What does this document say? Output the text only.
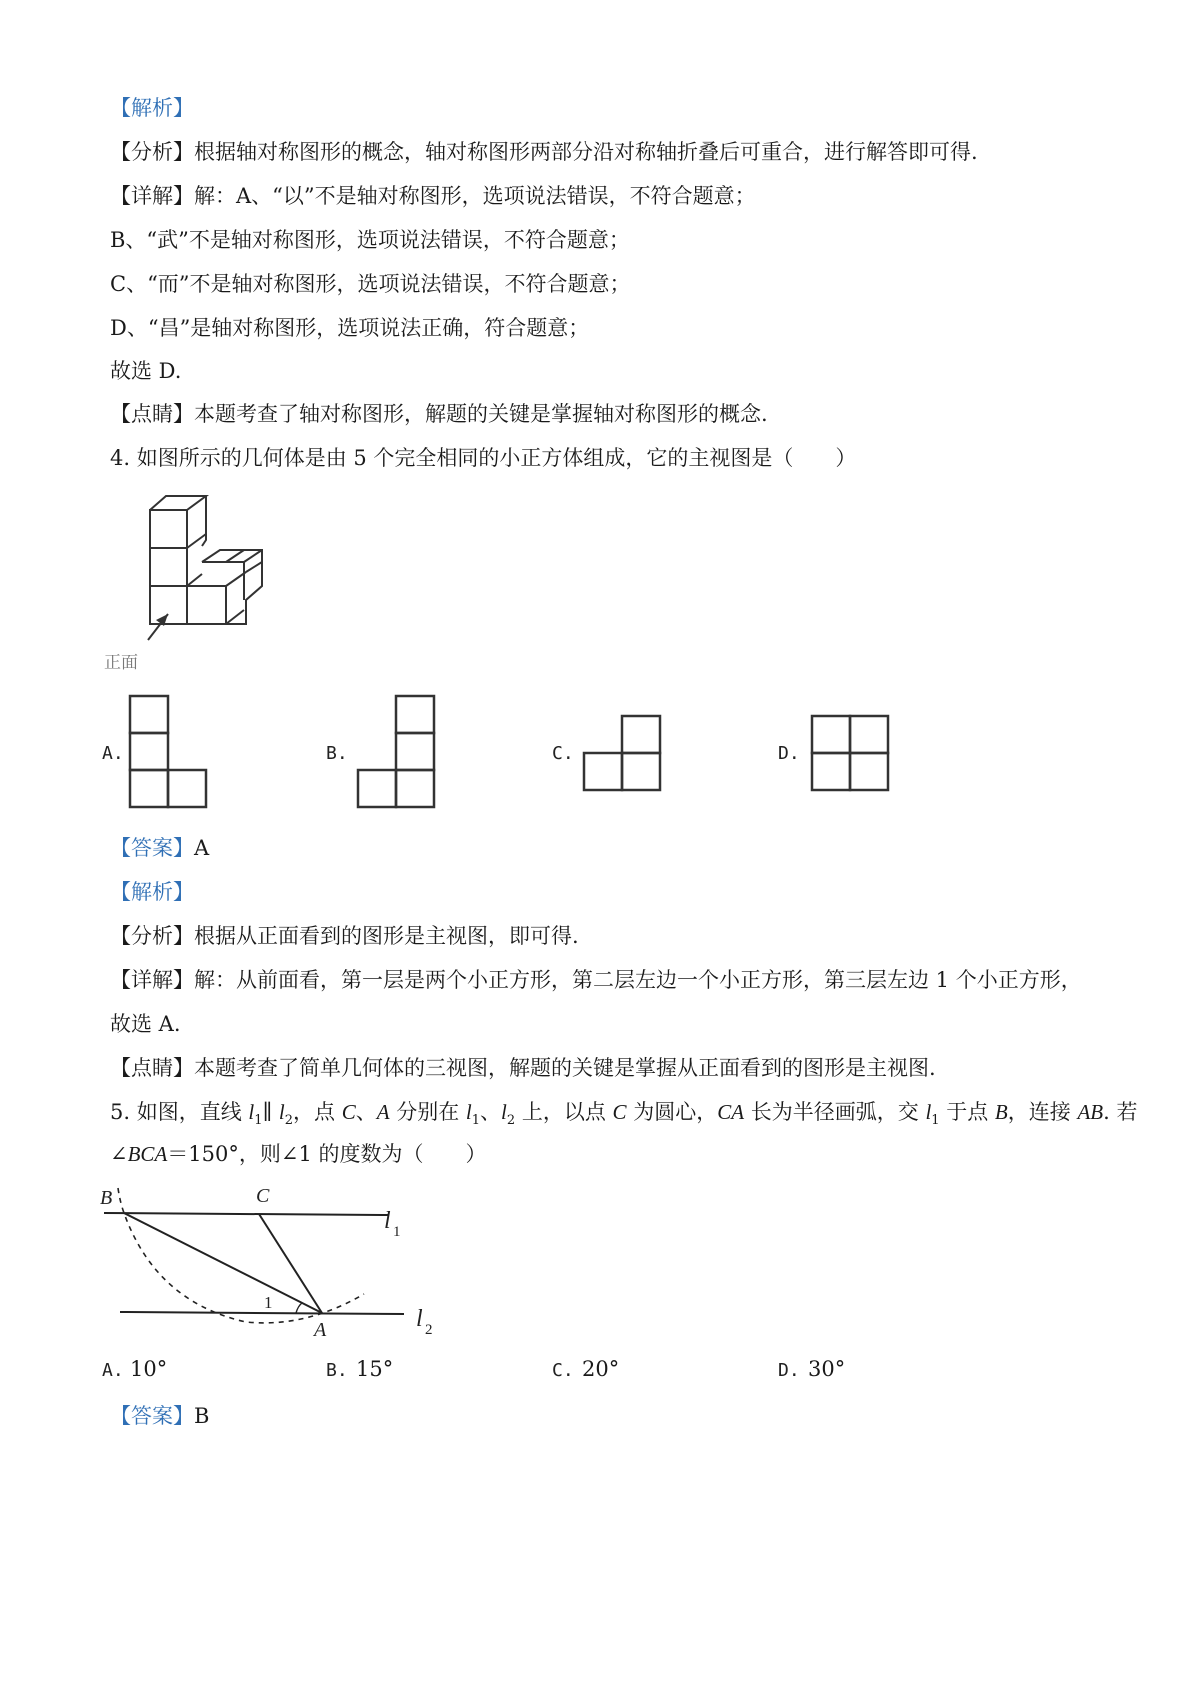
【解析】
【分析】根据轴对称图形的概念，轴对称图形两部分沿对称轴折叠后可重合，进行解答即可得.
【详解】解：A、“以”不是轴对称图形，选项说法错误，不符合题意；
B、“武”不是轴对称图形，选项说法错误，不符合题意；
C、“而”不是轴对称图形，选项说法错误，不符合题意；
D、“昌”是轴对称图形，选项说法正确，符合题意；
故选 D.
【点睛】本题考查了轴对称图形，解题的关键是掌握轴对称图形的概念.
4. 如图所示的几何体是由 5 个完全相同的小正方体组成，它的主视图是（　　）
正面
A.	B.	C.	D.
【答案】A
【解析】
【分析】根据从正面看到的图形是主视图，即可得.
【详解】解：从前面看，第一层是两个小正方形，第二层左边一个小正方形，第三层左边 1 个小正方形，
故选 A.
【点睛】本题考查了简单几何体的三视图，解题的关键是掌握从正面看到的图形是主视图.
5. 如图，直线 $l_1\parallel$ $l_2$，点 C、A 分别在 $l_1$、$l_2$ 上，以点 C 为圆心，CA 长为半径画弧，交 $l_1$ 于点 B，连接 AB. 若
∠BCA＝150°，则∠1 的度数为（　　）
B	C
A
1
l 1
l 2
A. 10°	B. 15°	C. 20°	D. 30°
【答案】B
